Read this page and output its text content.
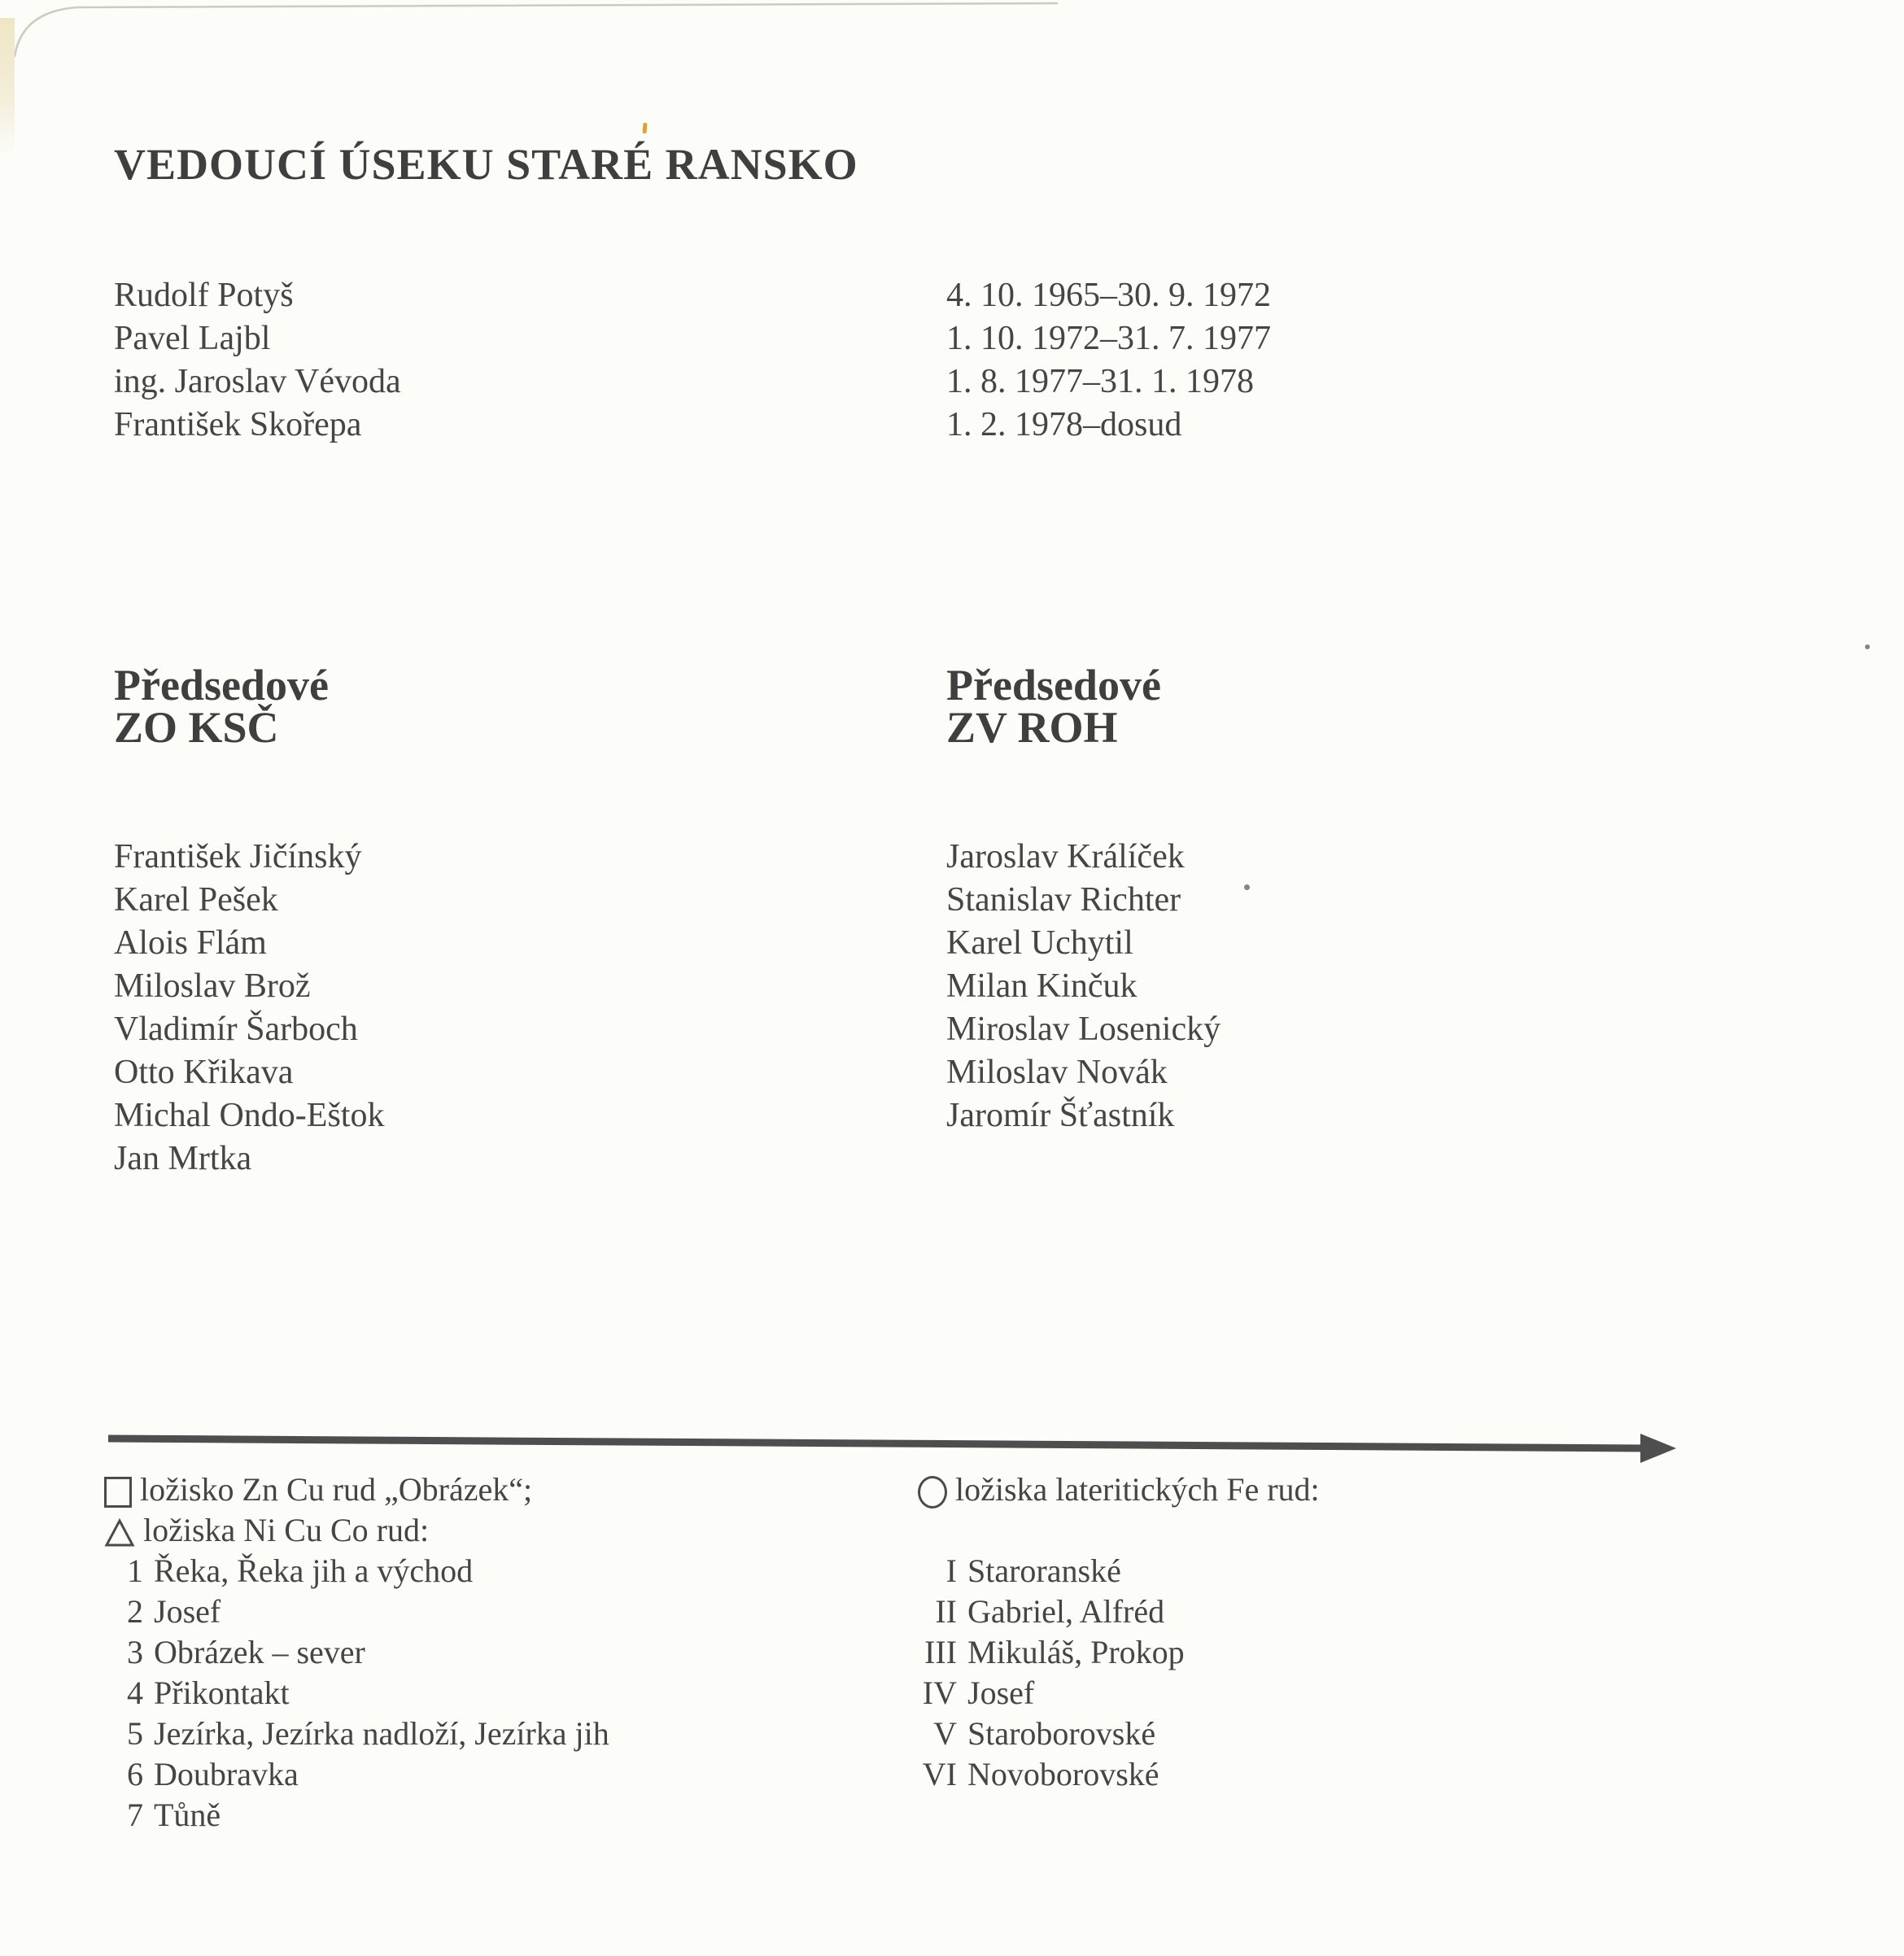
VEDOUCÍ ÚSEKU STARÉ RANSKO
Rudolf Potyš
Pavel Lajbl
ing. Jaroslav Vévoda
František Skořepa
4. 10. 1965–30. 9. 1972
1. 10. 1972–31. 7. 1977
1. 8. 1977–31. 1. 1978
1. 2. 1978–dosud
Předsedové
ZO KSČ
Předsedové
ZV ROH
František Jičínský
Karel Pešek
Alois Flám
Miloslav Brož
Vladimír Šarboch
Otto Křikava
Michal Ondo-Eštok
Jan Mrtka
Jaroslav Králíček
Stanislav Richter
Karel Uchytil
Milan Kinčuk
Miroslav Losenický
Miloslav Novák
Jaromír Šťastník
ložisko Zn Cu rud „Obrázek“;
ložiska Ni Cu Co rud:
1 Řeka, Řeka jih a východ
2 Josef
3 Obrázek – sever
4 Přikontakt
5 Jezírka, Jezírka nadloží, Jezírka jih
6 Doubravka
7 Tůně
ložiska lateritických Fe rud:
I Staroranské
II Gabriel, Alfréd
III Mikuláš, Prokop
IV Josef
V Staroborovské
VI Novoborovské
